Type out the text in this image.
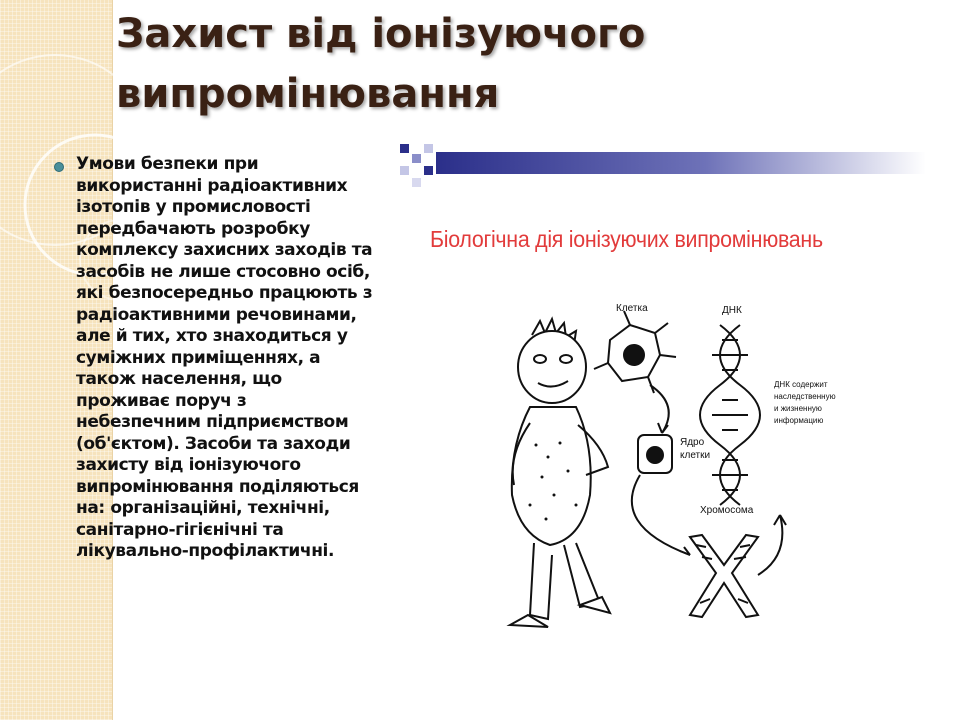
Захист від іонізуючого випромінювання

Умови безпеки при використанні радіоактивних ізотопів у промисловості передбачають розробку комплексу захисних заходів та засобів не лише стосовно осіб, які безпосередньо працюють з радіоактивними речовинами, але й тих, хто знаходиться у суміжних приміщеннях, а також населення, що проживає поруч з небезпечним підприємством (об'єктом). Засоби та заходи захисту від іонізуючого випромінювання поділяються на: організаційні, технічні, санітарно-гігієнічні та лікувально-профілактичні.

Біологічна дія іонізуючих випромінювань

Клетка
Ядро
клетки
ДНК
ДНК содержит
наследственную
и жизненную
информацию
Хромосома
